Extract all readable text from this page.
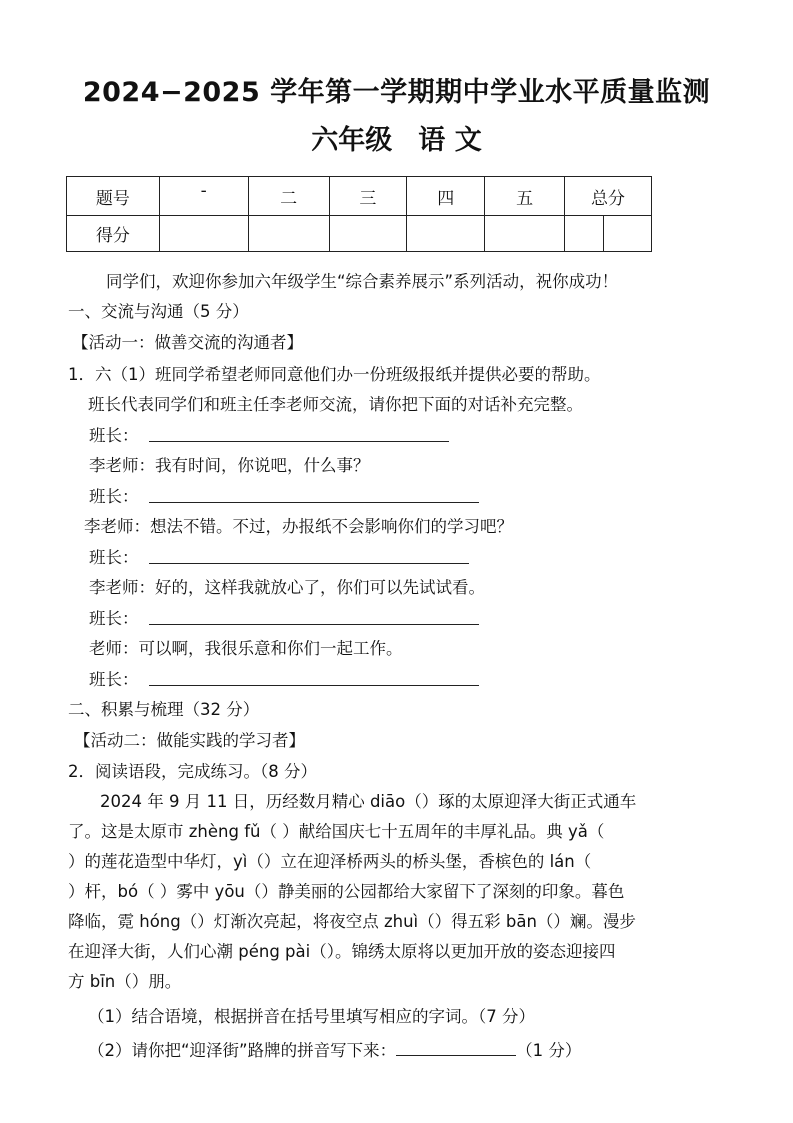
2024−2025 学年第一学期期中学业水平质量监测
六年级 语 文
题号	-	二	三	四	五	总分	
得分							
同学们，欢迎你参加六年级学生“综合素养展示”系列活动，祝你成功！
一、交流与沟通（5 分）
【活动一：做善交流的沟通者】
1．六（1）班同学希望老师同意他们办一份班级报纸并提供必要的帮助。
班长代表同学们和班主任李老师交流，请你把下面的对话补充完整。
班长：
李老师：我有时间，你说吧，什么事？
班长：
李老师：想法不错。不过，办报纸不会影响你们的学习吧？
班长：
李老师：好的，这样我就放心了，你们可以先试试看。
班长：
老师：可以啊，我很乐意和你们一起工作。
班长：
二、积累与梳理（32 分）
【活动二：做能实践的学习者】
2．阅读语段，完成练习。（8 分）
2024 年 9 月 11 日，历经数月精心 diāo（）琢的太原迎泽大街正式通车
了。这是太原市 zhèng fǔ（ ）献给国庆七十五周年的丰厚礼品。典 yǎ（
）的莲花造型中华灯，yì（）立在迎泽桥两头的桥头堡，香槟色的 lán（
）杆，bó（ ）雾中 yōu（）静美丽的公园都给大家留下了深刻的印象。暮色
降临，霓 hóng（）灯渐次亮起，将夜空点 zhuì（）得五彩 bān（）斓。漫步
在迎泽大街，人们心潮 péng pài（）。锦绣太原将以更加开放的姿态迎接四
方 bīn（）朋。
（1）结合语境，根据拼音在括号里填写相应的字词。（7 分）
（2）请你把“迎泽街”路牌的拼音写下来：	（1 分）
